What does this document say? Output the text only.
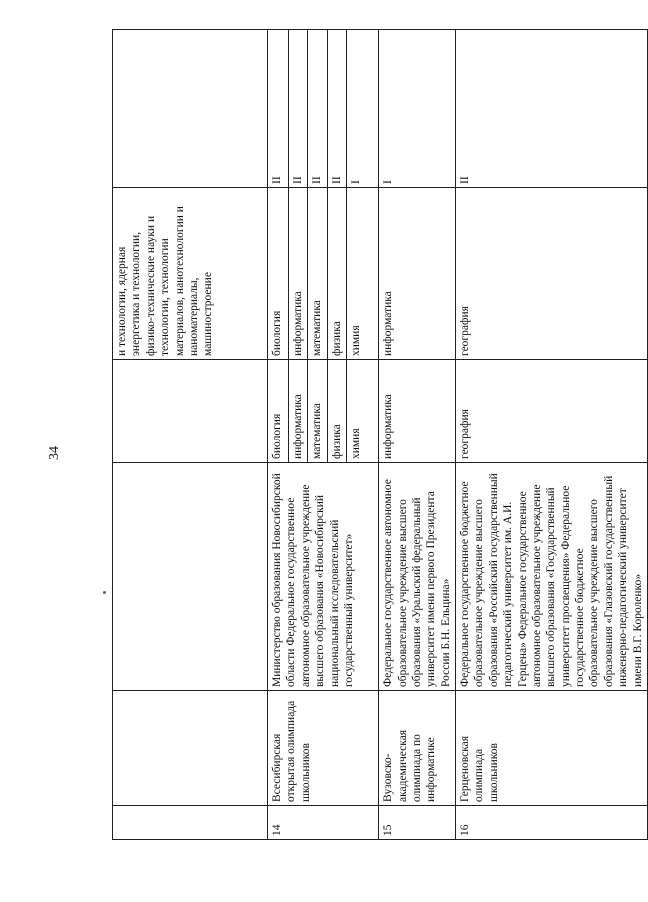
34
				и технологии, ядерная энергетика и технологии, физико-технические науки и технологии, технологии материалов, нанотехнологии и наноматериалы, машиностроение	
14	Всесибирская открытая олимпиада школьников	Министерство образования Новосибирской области Федеральное государственное автономное образовательное учреждение высшего образования «Новосибирский национальный исследовательский государственный университет»	биология	биология	II
			информатика	информатика	II
			математика	математика	II
			физика	физика	II
			химия	химия	I
15	Вузовско-академическая олимпиада по информатике	Федеральное государственное автономное образовательное учреждение высшего образования «Уральский федеральный университет имени первого Президента России Б.Н. Ельцина»	информатика	информатика	I
16	Герценовская олимпиада школьников	Федеральное государственное бюджетное образовательное учреждение высшего образования «Российский государственный педагогический университет им. А.И. Герцена» Федеральное государственное автономное образовательное учреждение высшего образования «Государственный университет просвещения» Федеральное государственное бюджетное образовательное учреждение высшего образования «Глазовский государственный инженерно-педагогический университет имени В.Г. Короленко»	география	география	II
